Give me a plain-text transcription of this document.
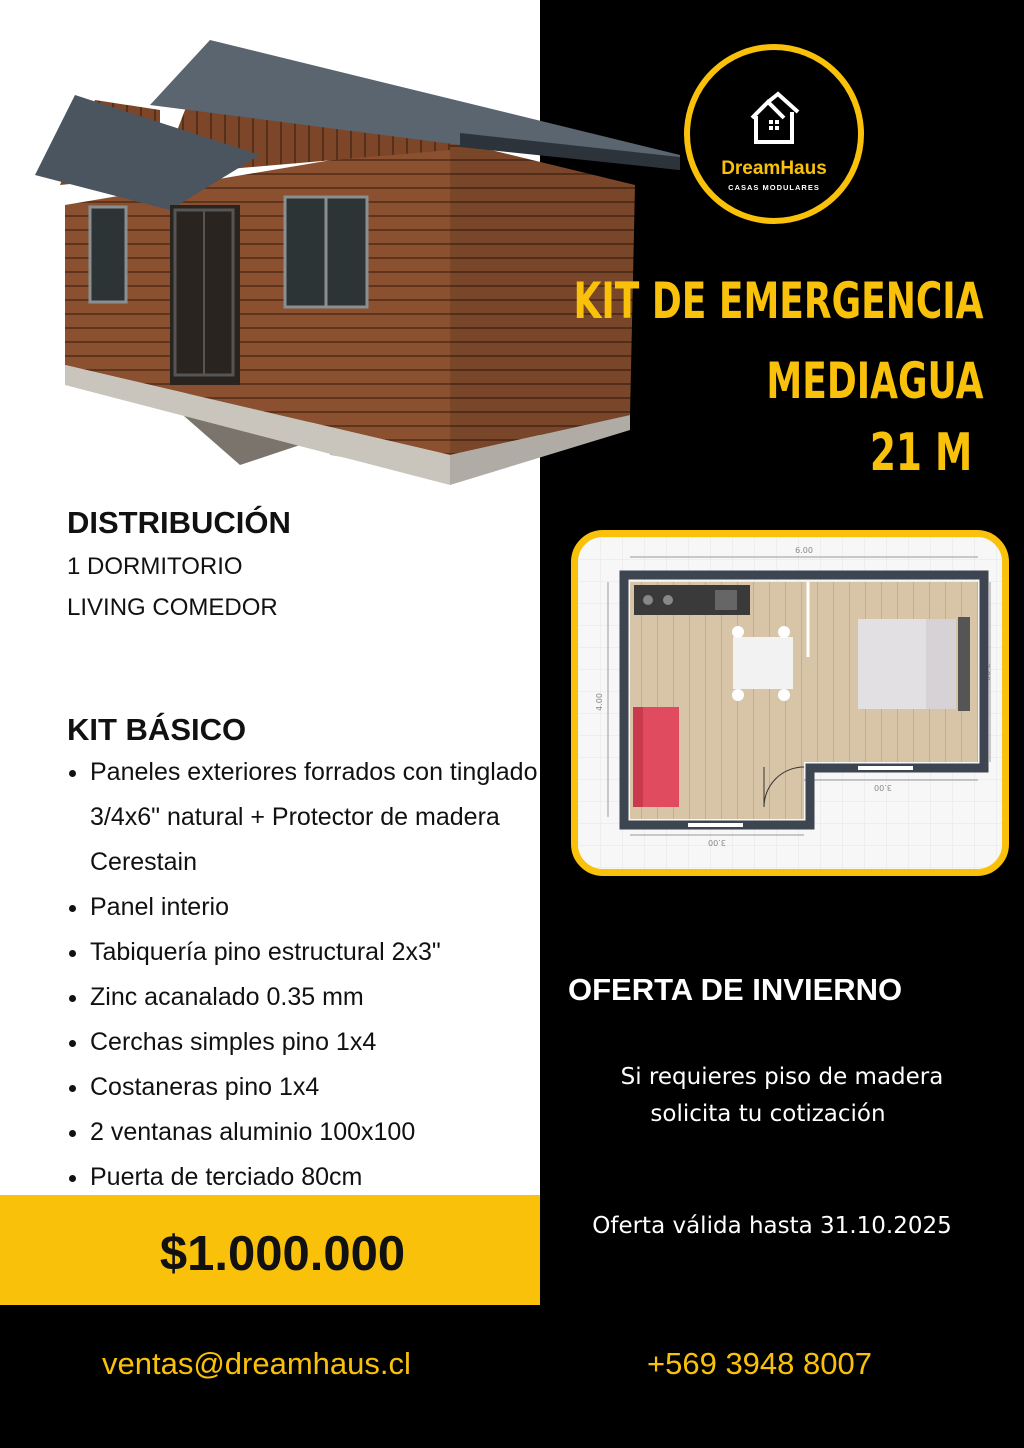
DreamHaus
CASAS MODULARES
KIT DE EMERGENCIA
MEDIAGUA
21 M
DISTRIBUCIÓN
1 DORMITORIO
LIVING COMEDOR
KIT BÁSICO
• Paneles exteriores forrados con tinglado 3/4x6" natural + Protector de madera Cerestain
• Panel interio
• Tabiquería pino estructural 2x3"
• Zinc acanalado 0.35 mm
• Cerchas simples pino 1x4
• Costaneras pino 1x4
• 2 ventanas aluminio 100x100
• Puerta de terciado 80cm
$1.000.000
6.00
4.00
3.00
3.00
3.00
OFERTA DE INVIERNO
Si requieres piso de madera
solicita tu cotización
Oferta válida hasta 31.10.2025
ventas@dreamhaus.cl	+569 3948 8007
